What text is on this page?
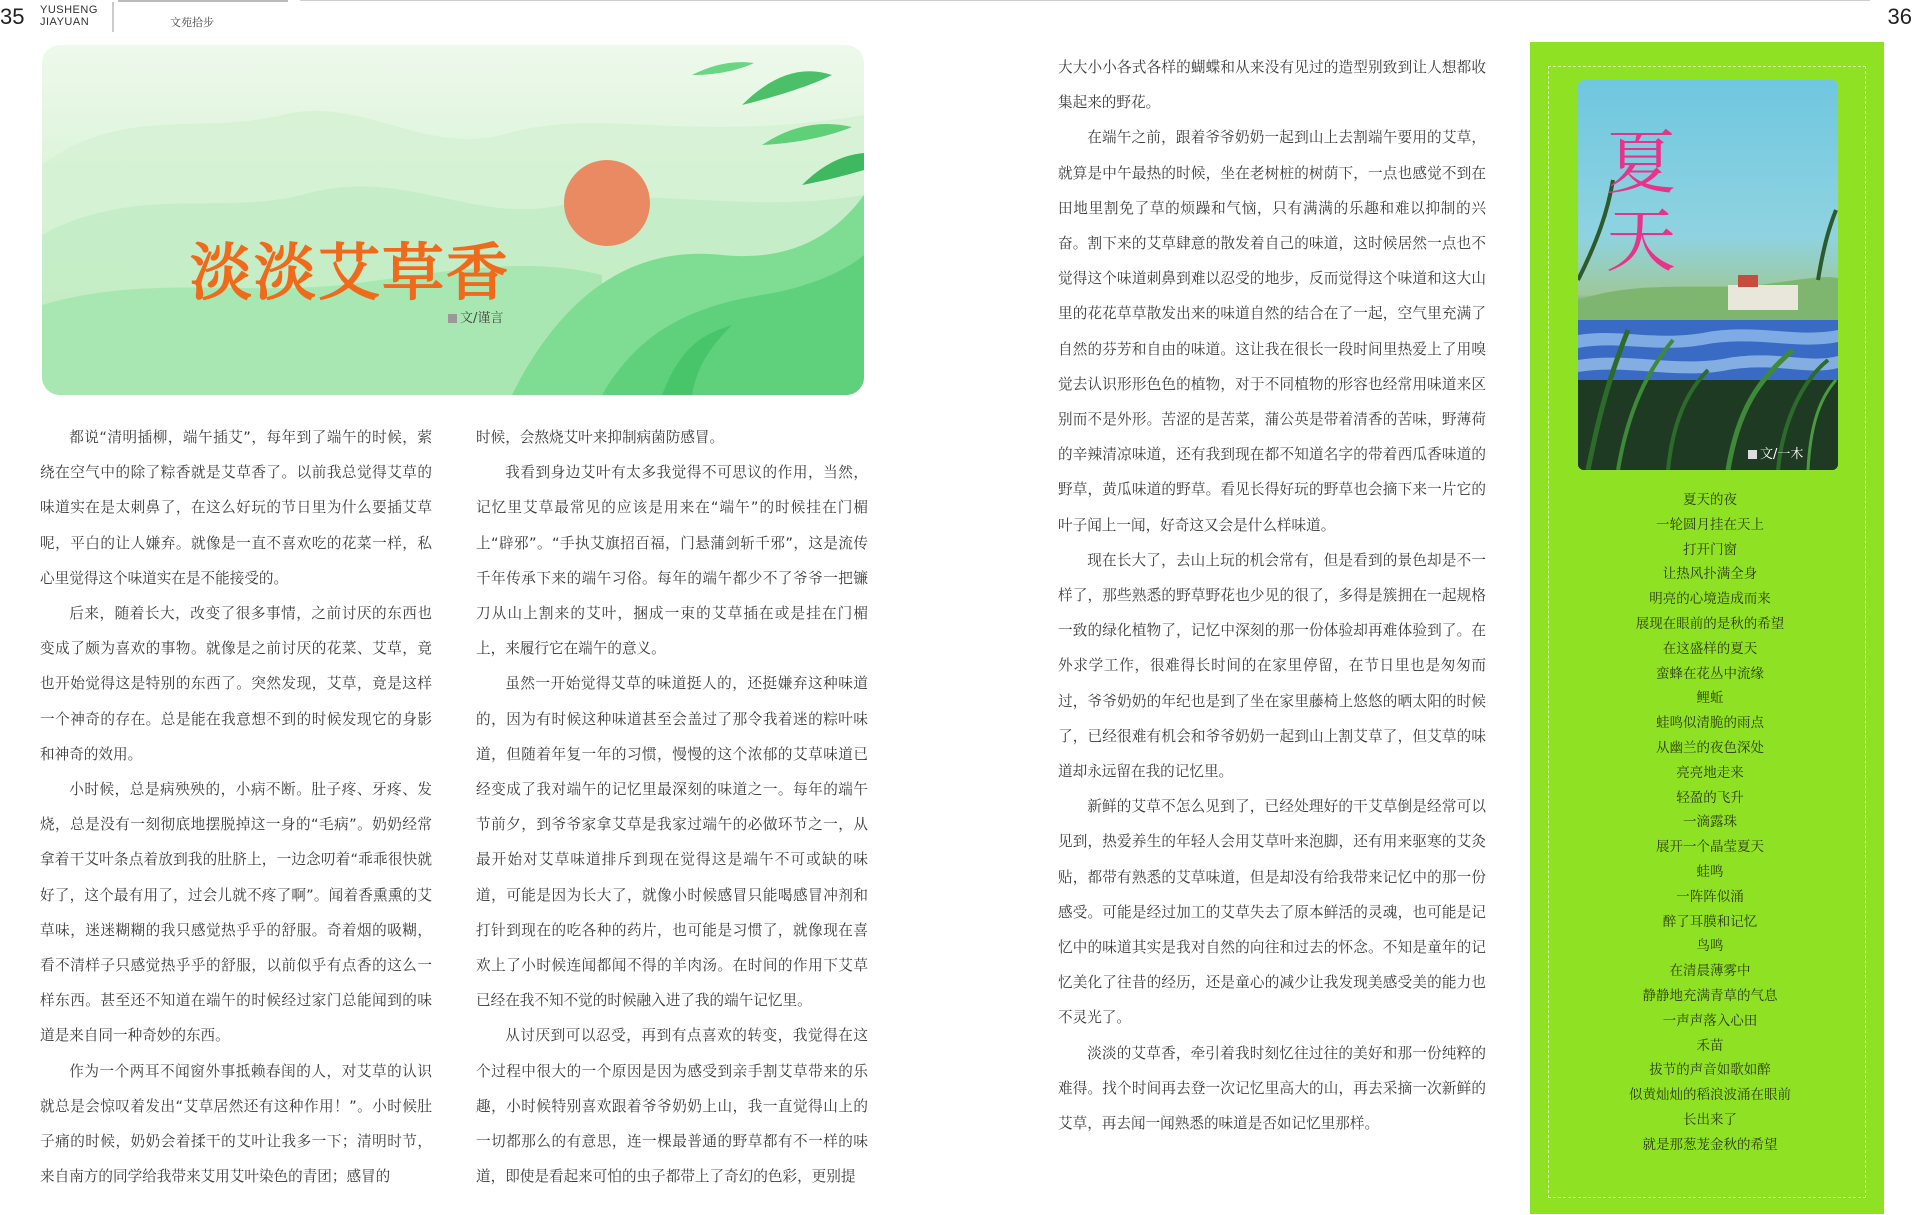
35 YUSHENG
JIAYUAN	文苑拾步	36
淡淡艾草香
文/谨言

都说“清明插柳，端午插艾”，每年到了端午的时候，萦绕在空气中的除了粽香就是艾草香了。以前我总觉得艾草的味道实在是太刺鼻了，在这么好玩的节日里为什么要插艾草呢，平白的让人嫌弃。就像是一直不喜欢吃的花菜一样，私心里觉得这个味道实在是不能接受的。

后来，随着长大，改变了很多事情，之前讨厌的东西也变成了颇为喜欢的事物。就像是之前讨厌的花菜、艾草，竟也开始觉得这是特别的东西了。突然发现，艾草，竟是这样一个神奇的存在。总是能在我意想不到的时候发现它的身影和神奇的效用。

小时候，总是病殃殃的，小病不断。肚子疼、牙疼、发烧，总是没有一刻彻底地摆脱掉这一身的“毛病”。奶奶经常拿着干艾叶条点着放到我的肚脐上，一边念叨着“乖乖很快就好了，这个最有用了，过会儿就不疼了啊”。闻着香熏熏的艾草味，迷迷糊糊的我只感觉热乎乎的舒服。奇着烟的吸糊，看不清样子只感觉热乎乎的舒服，以前似乎有点香的这么一样东西。甚至还不知道在端午的时候经过家门总能闻到的味道是来自同一种奇妙的东西。

作为一个两耳不闻窗外事抵赖春闺的人，对艾草的认识就总是会惊叹着发出“艾草居然还有这种作用！”。小时候肚子痛的时候，奶奶会着揉干的艾叶让我多一下；清明时节，来自南方的同学给我带来艾用艾叶染色的青团；感冒的

时候，会熬烧艾叶来抑制病菌防感冒。

我看到身边艾叶有太多我觉得不可思议的作用，当然，记忆里艾草最常见的应该是用来在“端午”的时候挂在门楣上“辟邪”。“手执艾旗招百福，门悬蒲剑斩千邪”，这是流传千年传承下来的端午习俗。每年的端午都少不了爷爷一把镰刀从山上割来的艾叶，捆成一束的艾草插在或是挂在门楣上，来履行它在端午的意义。

虽然一开始觉得艾草的味道挺人的，还挺嫌弃这种味道的，因为有时候这种味道甚至会盖过了那令我着迷的粽叶味道，但随着年复一年的习惯，慢慢的这个浓郁的艾草味道已经变成了我对端午的记忆里最深刻的味道之一。每年的端午节前夕，到爷爷家拿艾草是我家过端午的必做环节之一，从最开始对艾草味道排斥到现在觉得这是端午不可或缺的味道，可能是因为长大了，就像小时候感冒只能喝感冒冲剂和打针到现在的吃各种的药片，也可能是习惯了，就像现在喜欢上了小时候连闻都闻不得的羊肉汤。在时间的作用下艾草已经在我不知不觉的时候融入进了我的端午记忆里。

从讨厌到可以忍受，再到有点喜欢的转变，我觉得在这个过程中很大的一个原因是因为感受到亲手割艾草带来的乐趣，小时候特别喜欢跟着爷爷奶奶上山，我一直觉得山上的一切都那么的有意思，连一棵最普通的野草都有不一样的味道，即使是看起来可怕的虫子都带上了奇幻的色彩，更别提

大大小小各式各样的蝴蝶和从来没有见过的造型别致到让人想都收集起来的野花。

在端午之前，跟着爷爷奶奶一起到山上去割端午要用的艾草，就算是中午最热的时候，坐在老树桩的树荫下，一点也感觉不到在田地里割免了草的烦躁和气恼，只有满满的乐趣和难以抑制的兴奋。割下来的艾草肆意的散发着自己的味道，这时候居然一点也不觉得这个味道刺鼻到难以忍受的地步，反而觉得这个味道和这大山里的花花草草散发出来的味道自然的结合在了一起，空气里充满了自然的芬芳和自由的味道。这让我在很长一段时间里热爱上了用嗅觉去认识形形色色的植物，对于不同植物的形容也经常用味道来区别而不是外形。苦涩的是苦菜，蒲公英是带着清香的苦味，野薄荷的辛辣清凉味道，还有我到现在都不知道名字的带着西瓜香味道的野草，黄瓜味道的野草。看见长得好玩的野草也会摘下来一片它的叶子闻上一闻，好奇这又会是什么样味道。

现在长大了，去山上玩的机会常有，但是看到的景色却是不一样了，那些熟悉的野草野花也少见的很了，多得是簇拥在一起规格一致的绿化植物了，记忆中深刻的那一份体验却再难体验到了。在外求学工作，很难得长时间的在家里停留，在节日里也是匆匆而过，爷爷奶奶的年纪也是到了坐在家里藤椅上悠悠的晒太阳的时候了，已经很难有机会和爷爷奶奶一起到山上割艾草了，但艾草的味道却永远留在我的记忆里。

新鲜的艾草不怎么见到了，已经处理好的干艾草倒是经常可以见到，热爱养生的年轻人会用艾草叶来泡脚，还有用来驱寒的艾灸贴，都带有熟悉的艾草味道，但是却没有给我带来记忆中的那一份感受。可能是经过加工的艾草失去了原本鲜活的灵魂，也可能是记忆中的味道其实是我对自然的向往和过去的怀念。不知是童年的记忆美化了往昔的经历，还是童心的减少让我发现美感受美的能力也不灵光了。

淡淡的艾草香，牵引着我时刻忆往过往的美好和那一份纯粹的难得。找个时间再去登一次记忆里高大的山，再去采摘一次新鲜的艾草，再去闻一闻熟悉的味道是否如记忆里那样。

夏
天
文/一木
夏天的夜
一轮圆月挂在天上
打开门窗
让热风扑满全身
明亮的心境造成而来
展现在眼前的是秋的希望
在这盛样的夏天
蛮蜂在花丛中流缘
鲤蚯
蛙鸣似清脆的雨点
从幽兰的夜色深处
亮亮地走来
轻盈的飞升
一滴露珠
展开一个晶莹夏天
蛙鸣
一阵阵似涌
醉了耳膜和记忆
鸟鸣
在清晨薄雾中
静静地充满青草的气息
一声声落入心田
禾苗
拔节的声音如歌如醉
似黄灿灿的稻浪波涌在眼前
长出来了
就是那葱茏金秋的希望
